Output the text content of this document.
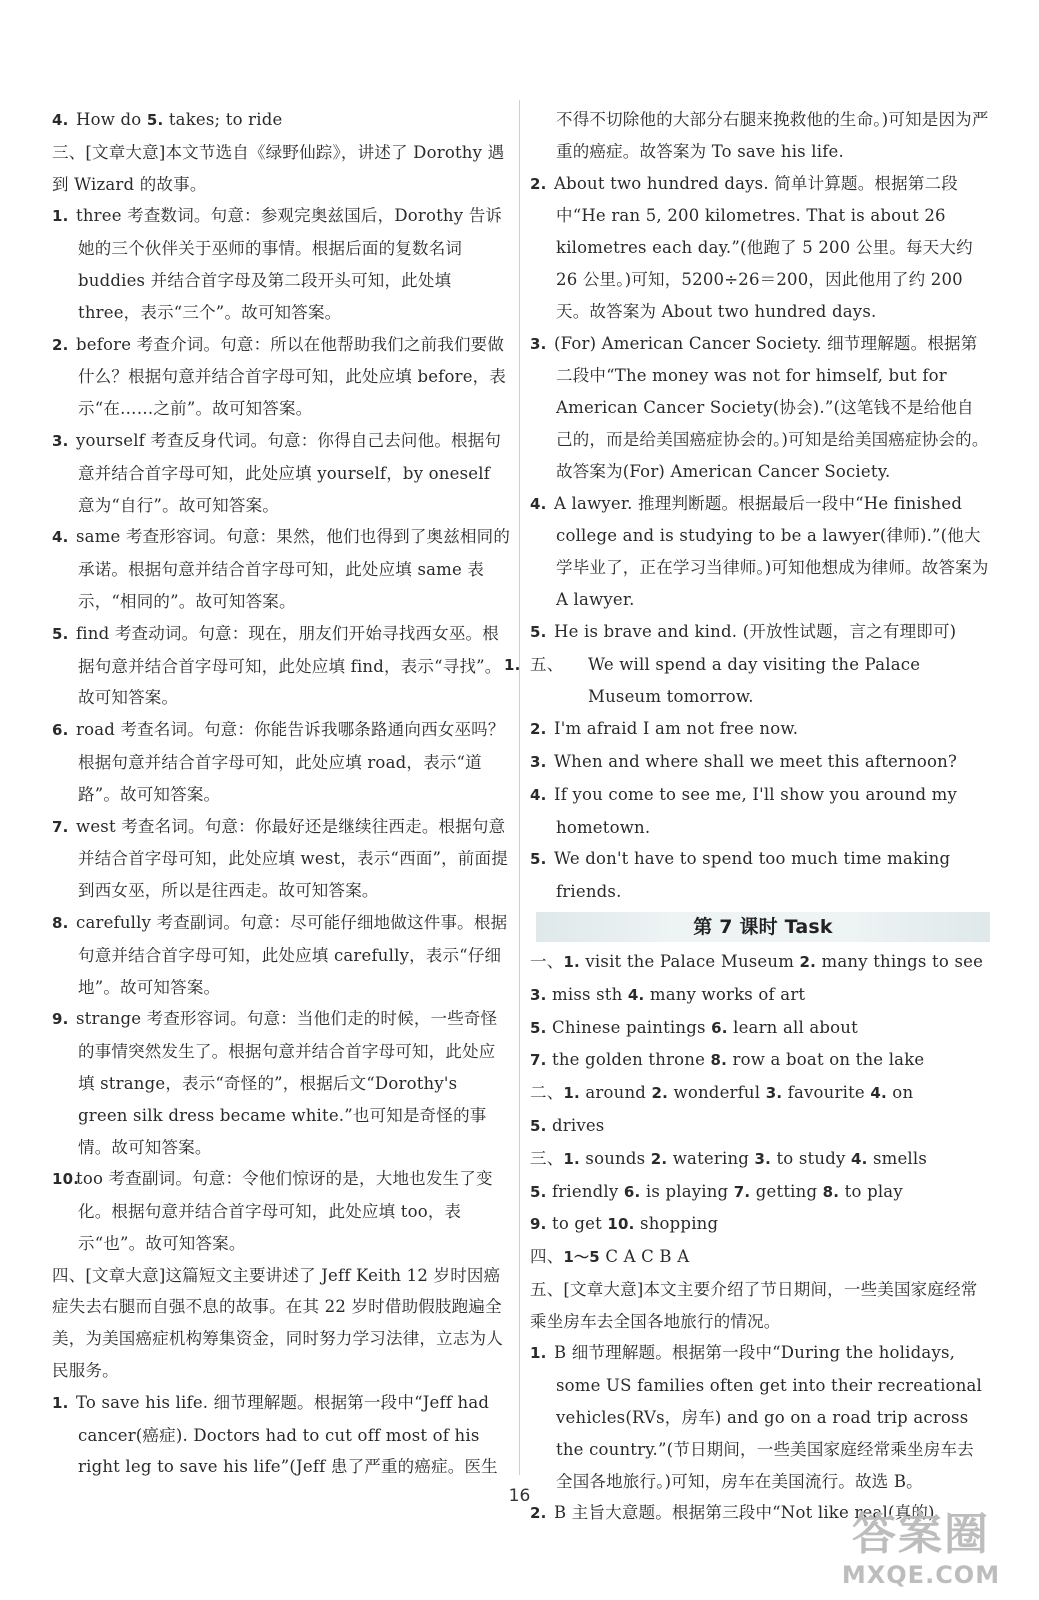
4. How do 5. takes; to ride

三、[文章大意]本文节选自《绿野仙踪》，讲述了 Dorothy 遇到 Wizard 的故事。

1. three 考查数词。句意：参观完奥兹国后，Dorothy 告诉她的三个伙伴关于巫师的事情。根据后面的复数名词 buddies 并结合首字母及第二段开头可知，此处填 three，表示“三个”。故可知答案。

2. before 考查介词。句意：所以在他帮助我们之前我们要做什么？根据句意并结合首字母可知，此处应填 before，表示“在……之前”。故可知答案。

3. yourself 考查反身代词。句意：你得自己去问他。根据句意并结合首字母可知，此处应填 yourself，by oneself 意为“自行”。故可知答案。

4. same 考查形容词。句意：果然，他们也得到了奥兹相同的承诺。根据句意并结合首字母可知，此处应填 same 表示，“相同的”。故可知答案。

5. find 考查动词。句意：现在，朋友们开始寻找西女巫。根据句意并结合首字母可知，此处应填 find，表示“寻找”。故可知答案。

6. road 考查名词。句意：你能告诉我哪条路通向西女巫吗？根据句意并结合首字母可知，此处应填 road，表示“道路”。故可知答案。

7. west 考查名词。句意：你最好还是继续往西走。根据句意并结合首字母可知，此处应填 west，表示“西面”，前面提到西女巫，所以是往西走。故可知答案。

8. carefully 考查副词。句意：尽可能仔细地做这件事。根据句意并结合首字母可知，此处应填 carefully，表示“仔细地”。故可知答案。

9. strange 考查形容词。句意：当他们走的时候，一些奇怪的事情突然发生了。根据句意并结合首字母可知，此处应填 strange，表示“奇怪的”，根据后文“Dorothy's green silk dress became white.”也可知是奇怪的事情。故可知答案。

10.too 考查副词。句意：令他们惊讶的是，大地也发生了变化。根据句意并结合首字母可知，此处应填 too，表示“也”。故可知答案。

四、[文章大意]这篇短文主要讲述了 Jeff Keith 12 岁时因癌症失去右腿而自强不息的故事。在其 22 岁时借助假肢跑遍全美，为美国癌症机构筹集资金，同时努力学习法律，立志为人民服务。

1. To save his life. 细节理解题。根据第一段中“Jeff had cancer(癌症). Doctors had to cut off most of his right leg to save his life”(Jeff 患了严重的癌症。医生

不得不切除他的大部分右腿来挽救他的生命。)可知是因为严重的癌症。故答案为 To save his life.

2. About two hundred days. 简单计算题。根据第二段中“He ran 5, 200 kilometres. That is about 26 kilometres each day.”(他跑了 5 200 公里。每天大约 26 公里。)可知，5200÷26＝200，因此他用了约 200 天。故答案为 About two hundred days.

3. (For) American Cancer Society. 细节理解题。根据第二段中“The money was not for himself, but for American Cancer Society(协会).”(这笔钱不是给他自己的，而是给美国癌症协会的。)可知是给美国癌症协会的。故答案为(For) American Cancer Society.

4. A lawyer. 推理判断题。根据最后一段中“He finished college and is studying to be a lawyer(律师).”(他大学毕业了，正在学习当律师。)可知他想成为律师。故答案为 A lawyer.

5. He is brave and kind. (开放性试题，言之有理即可)

五、1.	We will spend a day visiting the Palace Museum tomorrow.

2. I'm afraid I am not free now.

3. When and where shall we meet this afternoon?

4. If you come to see me, I'll show you around my hometown.

5. We don't have to spend too much time making friends.

第 7 课时 Task

一、1. visit the Palace Museum 2. many things to see

3. miss sth 4. many works of art

5. Chinese paintings 6. learn all about

7. the golden throne 8. row a boat on the lake

二、1. around 2. wonderful 3. favourite 4. on

5. drives

三、1. sounds 2. watering 3. to study 4. smells

5. friendly 6. is playing 7. getting 8. to play

9. to get 10. shopping

四、1～5 C A C B A

五、[文章大意]本文主要介绍了节日期间，一些美国家庭经常乘坐房车去全国各地旅行的情况。

1. B 细节理解题。根据第一段中“During the holidays, some US families often get into their recreational vehicles(RVs，房车) and go on a road trip across the country.”(节日期间，一些美国家庭经常乘坐房车去全国各地旅行。)可知，房车在美国流行。故选 B。

2. B 主旨大意题。根据第三段中“Not like real(真的)

16
答案圈
MXQE.COM
